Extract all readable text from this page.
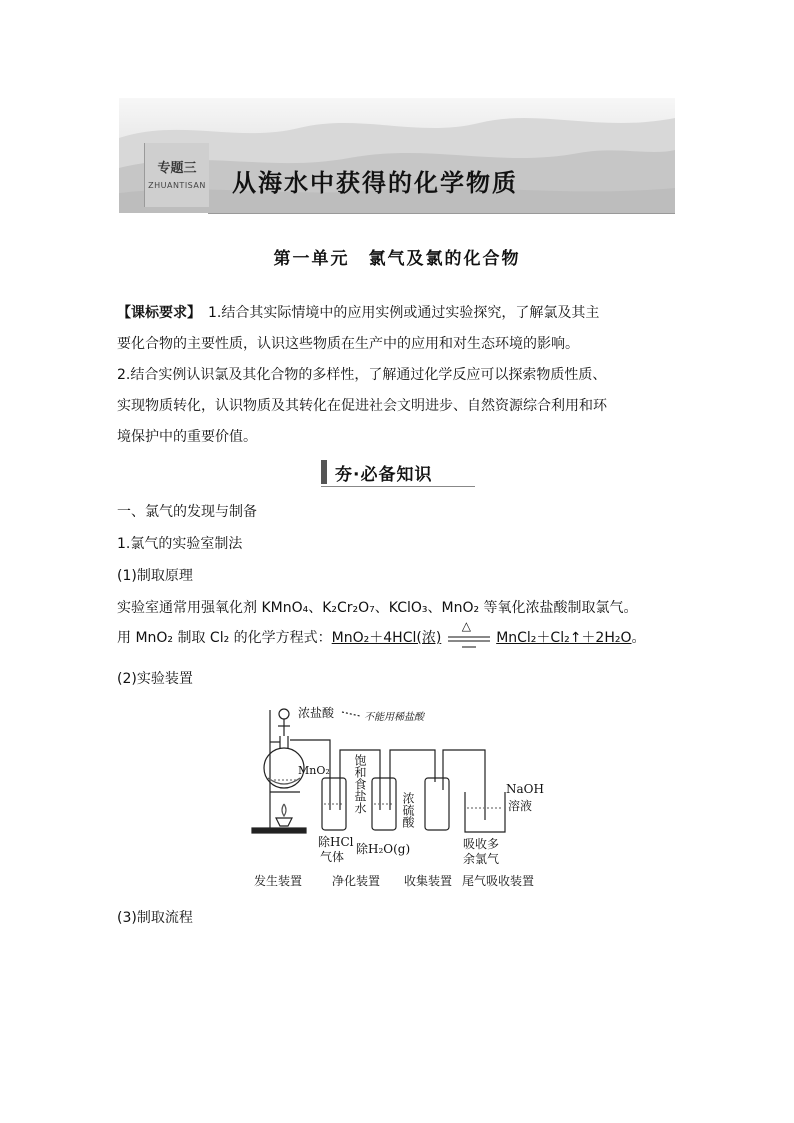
专题三
ZHUANTISAN 从海水中获得的化学物质
第一单元　氯气及氯的化合物
【课标要求】　1.结合其实际情境中的应用实例或通过实验探究，了解氯及其主
要化合物的主要性质，认识这些物质在生产中的应用和对生态环境的影响。
2.结合实例认识氯及其化合物的多样性，了解通过化学反应可以探索物质性质、
实现物质转化，认识物质及其转化在促进社会文明进步、自然资源综合利用和环
境保护中的重要价值。
夯·必备知识
一、氯气的发现与制备
1.氯气的实验室制法
(1)制取原理
实验室通常用强氧化剂 KMnO₄、K₂Cr₂O₇、KClO₃、MnO₂ 等氧化浓盐酸制取氯气。
用 MnO₂ 制取 Cl₂ 的化学方程式：MnO₂＋4HCl(浓)
△
MnCl₂＋Cl₂↑＋2H₂O。
(2)实验装置
浓盐酸	不能用稀盐酸
MnO₂ 饱和食盐水	浓硫酸
NaOH
溶液
除HCl
气体
除H₂O(g)	吸收多
余氯气
发生装置 净化装置 收集装置 尾气吸收装置
(3)制取流程
